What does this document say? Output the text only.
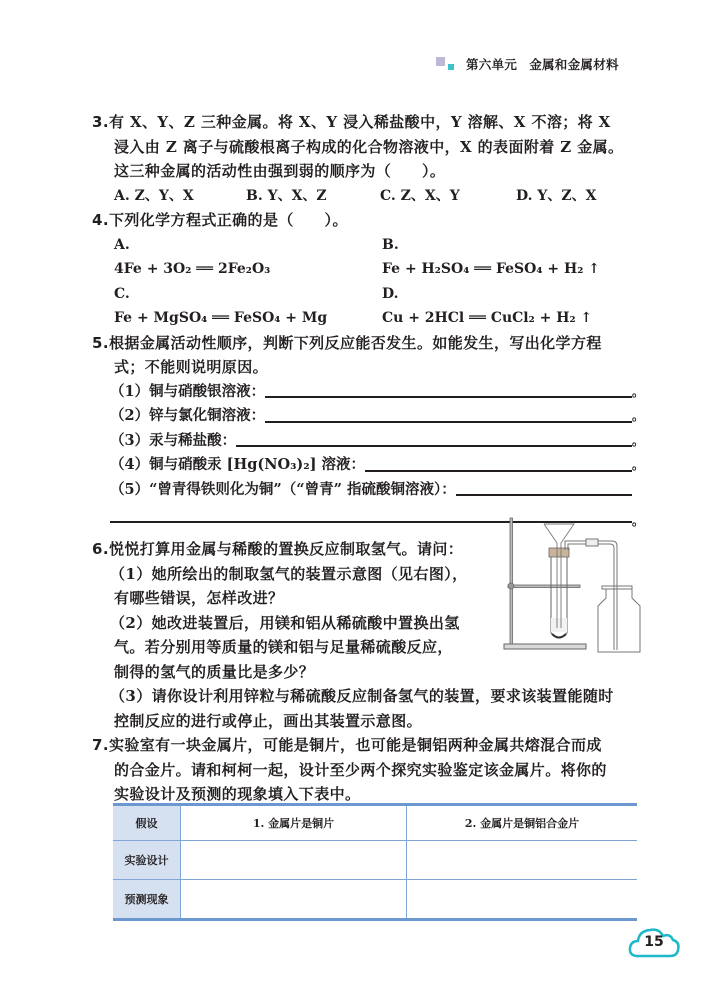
第六单元 金属和金属材料
3.有 X、Y、Z 三种金属。将 X、Y 浸入稀盐酸中，Y 溶解、X 不溶；将 X
浸入由 Z 离子与硫酸根离子构成的化合物溶液中，X 的表面附着 Z 金属。
这三种金属的活动性由强到弱的顺序为（　　）。
A. Z、Y、X	B. Y、X、Z	C. Z、X、Y	D. Y、Z、X
4.下列化学方程式正确的是（　　）。
A. 4Fe + 3O₂ ══ 2Fe₂O₃
B. Fe + H₂SO₄ ══ FeSO₄ + H₂ ↑
C. Fe + MgSO₄ ══ FeSO₄ + Mg
D. Cu + 2HCl ══ CuCl₂ + H₂ ↑
5.根据金属活动性顺序，判断下列反应能否发生。如能发生，写出化学方程
式；不能则说明原因。
（1）铜与硝酸银溶液：	。
（2）锌与氯化铜溶液：	。
（3）汞与稀盐酸：	。
（4）铜与硝酸汞 [Hg(NO₃)₂] 溶液：	。
（5）“曾青得铁则化为铜”（“曾青” 指硫酸铜溶液）：
。
6.悦悦打算用金属与稀酸的置换反应制取氢气。请问：
（1）她所绘出的制取氢气的装置示意图（见右图），
有哪些错误，怎样改进？
（2）她改进装置后，用镁和铝从稀硫酸中置换出氢
气。若分别用等质量的镁和铝与足量稀硫酸反应，
制得的氢气的质量比是多少？
（3）请你设计利用锌粒与稀硫酸反应制备氢气的装置，要求该装置能随时
控制反应的进行或停止，画出其装置示意图。
7.实验室有一块金属片，可能是铜片，也可能是铜铝两种金属共熔混合而成
的合金片。请和柯柯一起，设计至少两个探究实验鉴定该金属片。将你的
实验设计及预测的现象填入下表中。
假设	1. 金属片是铜片	2. 金属片是铜铝合金片
实验设计		
预测现象		
15
